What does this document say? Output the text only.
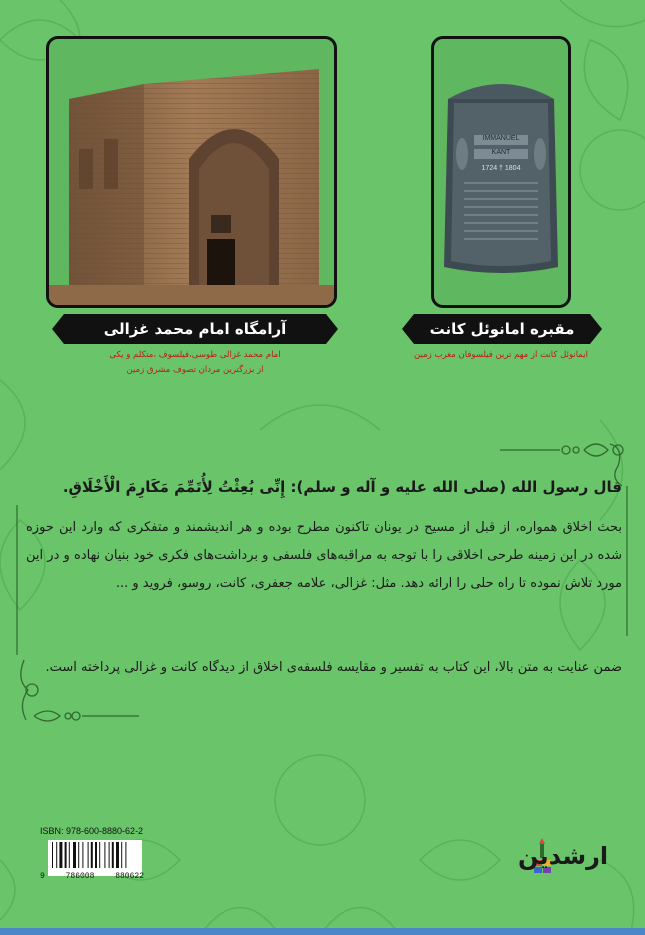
IMMANUEL
KANT
1724 † 1804
آرامگاه امام محمد غزالی	مقبره امانوئل کانت
امام محمد غزالی طوسی،فیلسوف ،متکلم و یکی
از بزرگترین مردان تصوف مشرق زمین
ایمانوئل کانت از مهم ترین فیلسوفان مغرب زمین
قال رسول الله (صلی الله علیه و آله و سلم): إِنِّی بُعِثْتُ لِأُتَمِّمَ مَكَارِمَ الْأَخْلَاقِ.
بحث اخلاق همواره، از قبل از مسیح در یونان تاکنون مطرح بوده و هر اندیشمند و متفکری که وارد این حوزه شده در این زمینه طرحی اخلاقی را با توجه به مراقبه‌های فلسفی و برداشت‌های فکری خود بنیان نهاده و در این مورد تلاش نموده تا راه حلی را ارائه دهد. مثل: غزالی، علامه جعفری، کانت، روسو، فروید و ...
ضمن عنایت به متن بالا، این کتاب به تفسیر و مقایسه فلسفه‌ی اخلاق از دیدگاه کانت و غزالی پرداخته است.
ISBN: 978-600-8880-62-2
9	786008	880622
ارشدین
